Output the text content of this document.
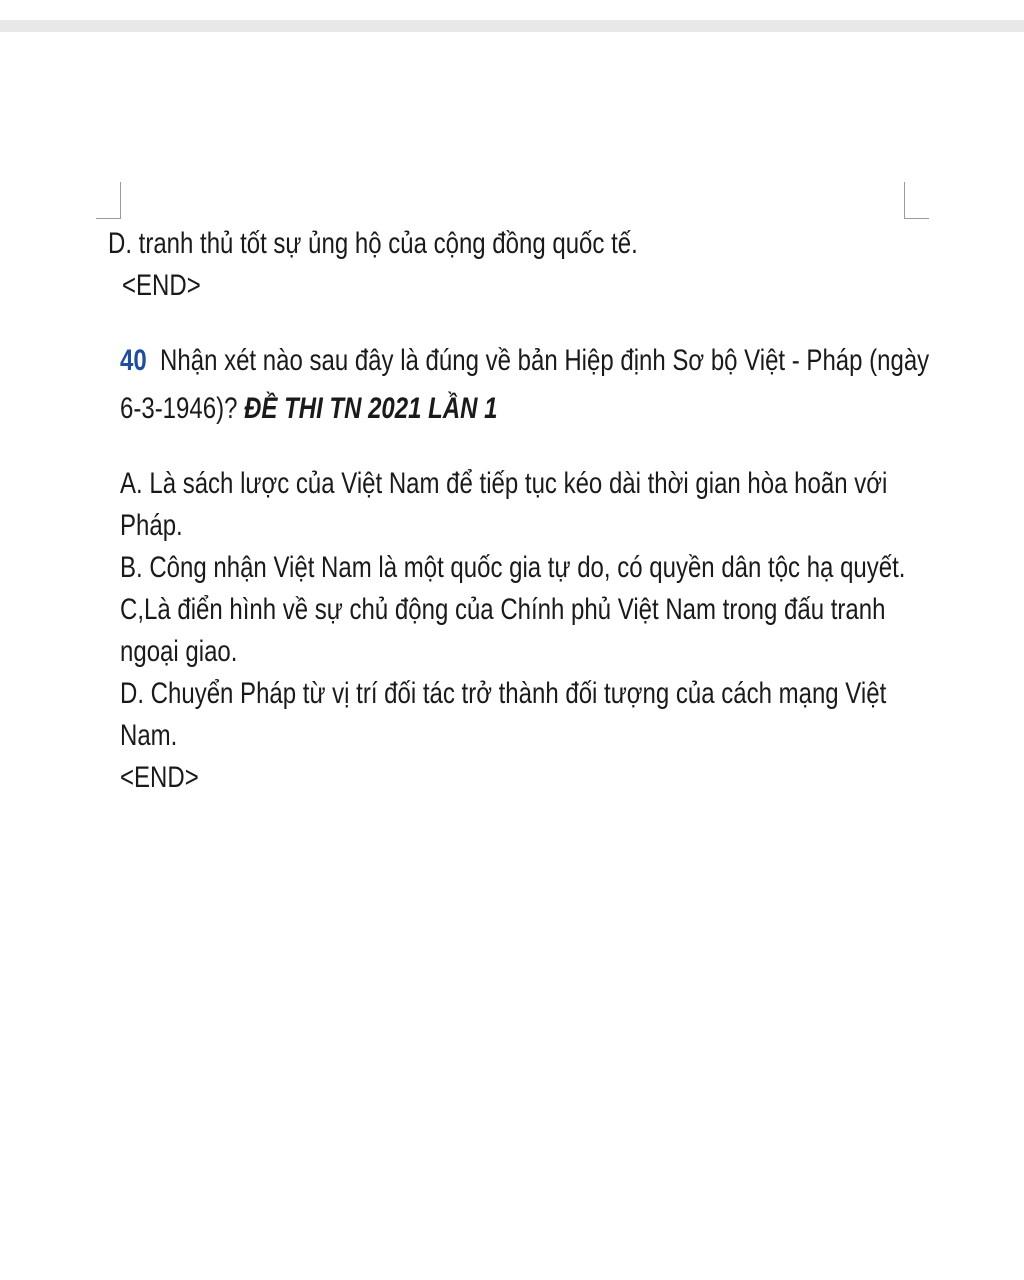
D. tranh thủ tốt sự ủng hộ của cộng đồng quốc tế.
<END>
40 Nhận xét nào sau đây là đúng về bản Hiệp định Sơ bộ Việt - Pháp (ngày
6-3-1946)? ĐỀ THI TN 2021 LẦN 1
A. Là sách lược của Việt Nam để tiếp tục kéo dài thời gian hòa hoãn với
Pháp.
B. Công nhận Việt Nam là một quốc gia tự do, có quyền dân tộc hạ quyết.
C,Là điển hình về sự chủ động của Chính phủ Việt Nam trong đấu tranh
ngoại giao.
D. Chuyển Pháp từ vị trí đối tác trở thành đối tượng của cách mạng Việt
Nam.
<END>
